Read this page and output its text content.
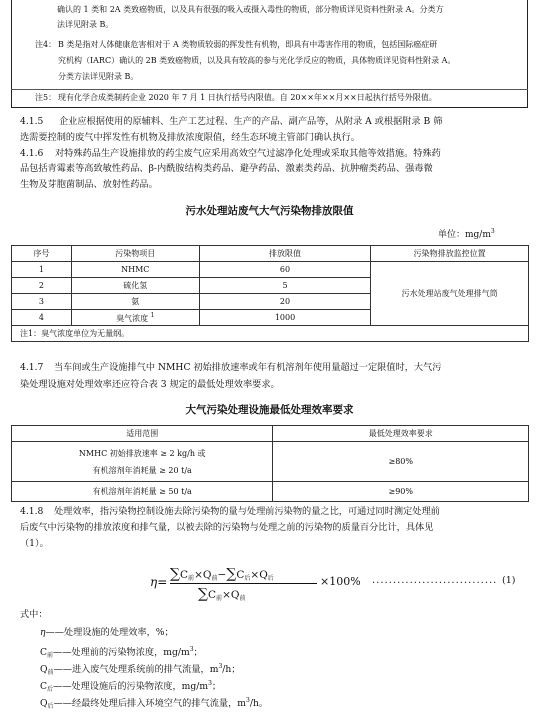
确认的 1 类和 2A 类致癌物质，以及具有很强的吸入或摄入毒性的物质，部分物质详见资料性附录 A。分类方
法详见附录 B。
注4： B 类是指对人体健康危害相对于 A 类物质较弱的挥发性有机物，即具有中毒害作用的物质，包括国际癌症研
究机构（IARC）确认的 2B 类致癌物质，以及具有较高的参与光化学反应的物质，具体物质详见资料性附录 A。
分类方法详见附录 B。
注5： 现有化学合成类制药企业 2020 年 7 月 1 日执行括号内限值。自 20××年××月××日起执行括号外限值。
4.1.5 企业应根据使用的原辅料、生产工艺过程、生产的产品、副产品等，从附录 A 或根据附录 B 筛
选需要控制的废气中挥发性有机物及排放浓度限值，经生态环境主管部门确认执行。
4.1.6 对特殊药品生产设施排放的药尘废气应采用高效空气过滤净化处理或采取其他等效措施。特殊药
品包括青霉素等高致敏性药品、β-内酰胺结构类药品、避孕药品、激素类药品、抗肿瘤类药品、强毒微
生物及芽胞菌制品、放射性药品。
污水处理站废气大气污染物排放限值
单位：$mg/m^3$
序号	污染物项目	排放限值	污染物排放监控位置
1	NHMC	60	污水处理站废气处理排气筒
2	硫化氢	5	
3	氨	20	
4	臭气浓度 $^1$	1000	
注1：臭气浓度单位为无量纲。			
4.1.7 当车间或生产设施排气中 NMHC 初始排放速率或年有机溶剂年使用量超过一定限值时，大气污
染处理设施对处理效率还应符合表 3 规定的最低处理效率要求。
大气污染处理设施最低处理效率要求
适用范围	最低处理效率要求

NMHC 初始排放速率 ≥ 2 kg/h 或
有机溶剂年消耗量 ≥ 20 t/a	≥80%
有机溶剂年消耗量 ≥ 50 t/a	≥90%
4.1.8 处理效率，指污染物控制设施去除污染物的量与处理前污染物的量之比，可通过同时测定处理前
后废气中污染物的排放浓度和排气量，以被去除的污染物与处理之前的污染物的质量百分比计，具体见
（1）。
$\eta= \sum C_前\times Q_前-\sum C_后\times Q_后$
$\sum C_前\times Q_前$
×100% .............................. (1)
式中：
η——处理设施的处理效率，%；
$C_前——$处理前的污染物浓度，$mg/m^3$；
$Q_前——$进入废气处理系统前的排气流量，$m^3/h$；
$C_后——$处理设施后的污染物浓度，$mg/m^3$；
$Q_后——$经最终处理后排入环境空气的排气流量，$m^3/h$。
